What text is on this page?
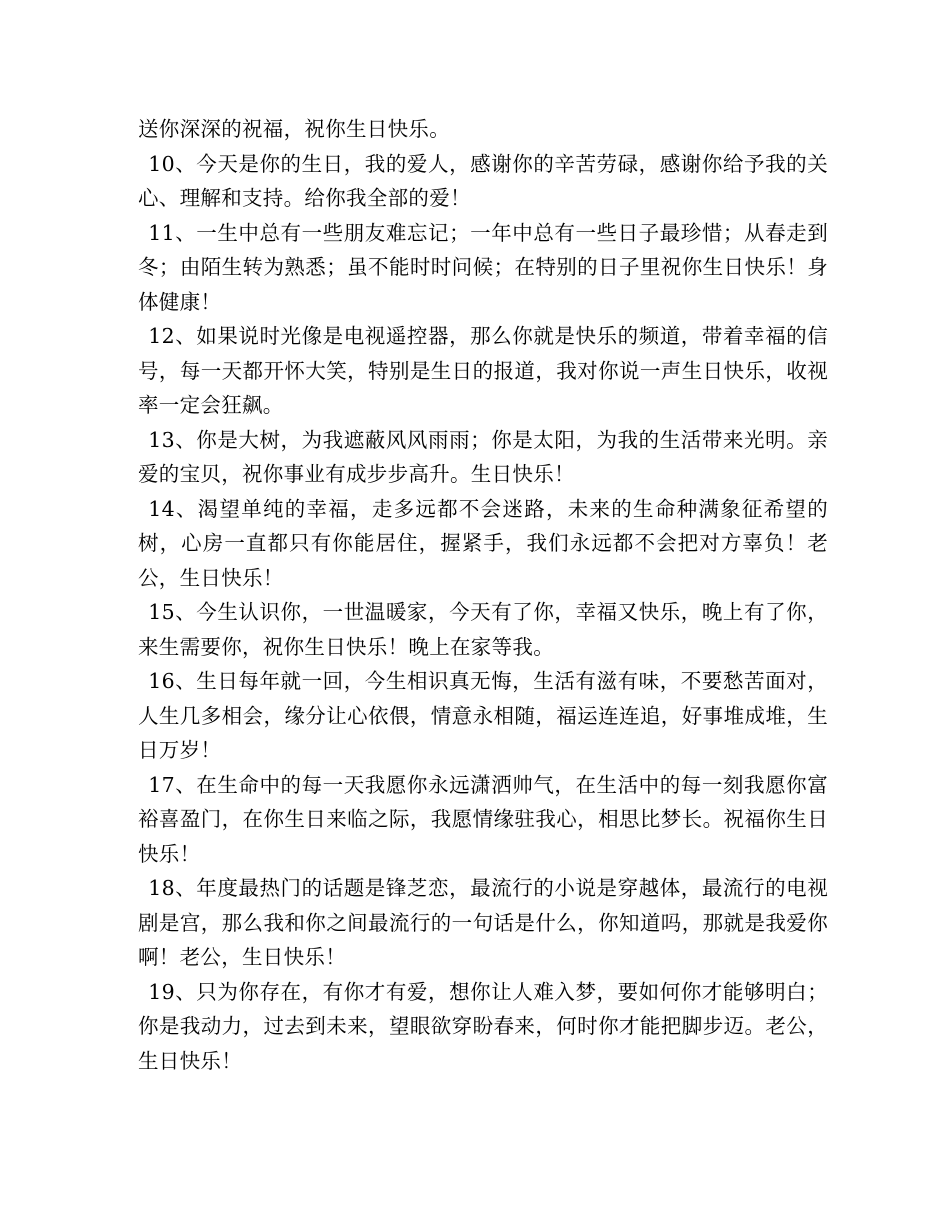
送你深深的祝福，祝你生日快乐。

10、今天是你的生日，我的爱人，感谢你的辛苦劳碌，感谢你给予我的关心、理解和支持。给你我全部的爱！

11、一生中总有一些朋友难忘记；一年中总有一些日子最珍惜；从春走到冬；由陌生转为熟悉；虽不能时时问候；在特别的日子里祝你生日快乐！身体健康！

12、如果说时光像是电视遥控器，那么你就是快乐的频道，带着幸福的信号，每一天都开怀大笑，特别是生日的报道，我对你说一声生日快乐，收视率一定会狂飙。

13、你是大树，为我遮蔽风风雨雨；你是太阳，为我的生活带来光明。亲爱的宝贝，祝你事业有成步步高升。生日快乐！

14、渴望单纯的幸福，走多远都不会迷路，未来的生命种满象征希望的树，心房一直都只有你能居住，握紧手，我们永远都不会把对方辜负！老公，生日快乐！

15、今生认识你，一世温暖家，今天有了你，幸福又快乐，晚上有了你，来生需要你，祝你生日快乐！晚上在家等我。

16、生日每年就一回，今生相识真无悔，生活有滋有味，不要愁苦面对，人生几多相会，缘分让心依偎，情意永相随，福运连连追，好事堆成堆，生日万岁！

17、在生命中的每一天我愿你永远潇洒帅气，在生活中的每一刻我愿你富裕喜盈门，在你生日来临之际，我愿情缘驻我心，相思比梦长。祝福你生日快乐！

18、年度最热门的话题是锋芝恋，最流行的小说是穿越体，最流行的电视剧是宫，那么我和你之间最流行的一句话是什么，你知道吗，那就是我爱你啊！老公，生日快乐！

19、只为你存在，有你才有爱，想你让人难入梦，要如何你才能够明白；你是我动力，过去到未来，望眼欲穿盼春来，何时你才能把脚步迈。老公，生日快乐！
